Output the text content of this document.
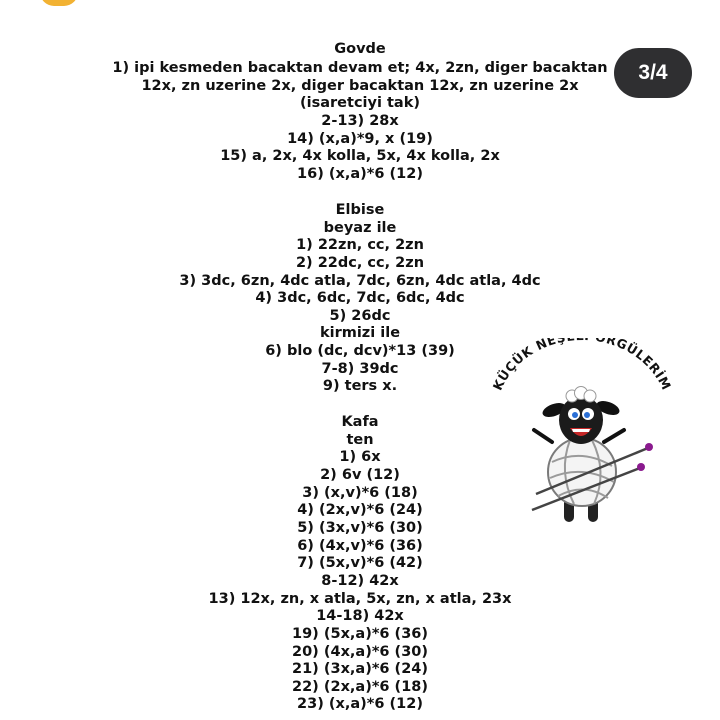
Govde
1) ipi kesmeden bacaktan devam et; 4x, 2zn, diger bacaktan
12x, zn uzerine 2x, diger bacaktan 12x, zn uzerine 2x
(isaretciyi tak)
2-13) 28x
14) (x,a)*9, x (19)
15) a, 2x, 4x kolla, 5x, 4x kolla, 2x
16) (x,a)*6 (12)
Elbise
beyaz ile
1) 22zn, cc, 2zn
2) 22dc, cc, 2zn
3) 3dc, 6zn, 4dc atla, 7dc, 6zn, 4dc atla, 4dc
4) 3dc, 6dc, 7dc, 6dc, 4dc
5) 26dc
kirmizi ile
6) blo (dc, dcv)*13 (39)
7-8) 39dc
9) ters x.
Kafa
ten
1) 6x
2) 6v (12)
3) (x,v)*6 (18)
4) (2x,v)*6 (24)
5) (3x,v)*6 (30)
6) (4x,v)*6 (36)
7) (5x,v)*6 (42)
8-12) 42x
13) 12x, zn, x atla, 5x, zn, x atla, 23x
14-18) 42x
19) (5x,a)*6 (36)
20) (4x,a)*6 (30)
21) (3x,a)*6 (24)
22) (2x,a)*6 (18)
23) (x,a)*6 (12)
3/4
KÜÇÜK NE RGÜLERİM
